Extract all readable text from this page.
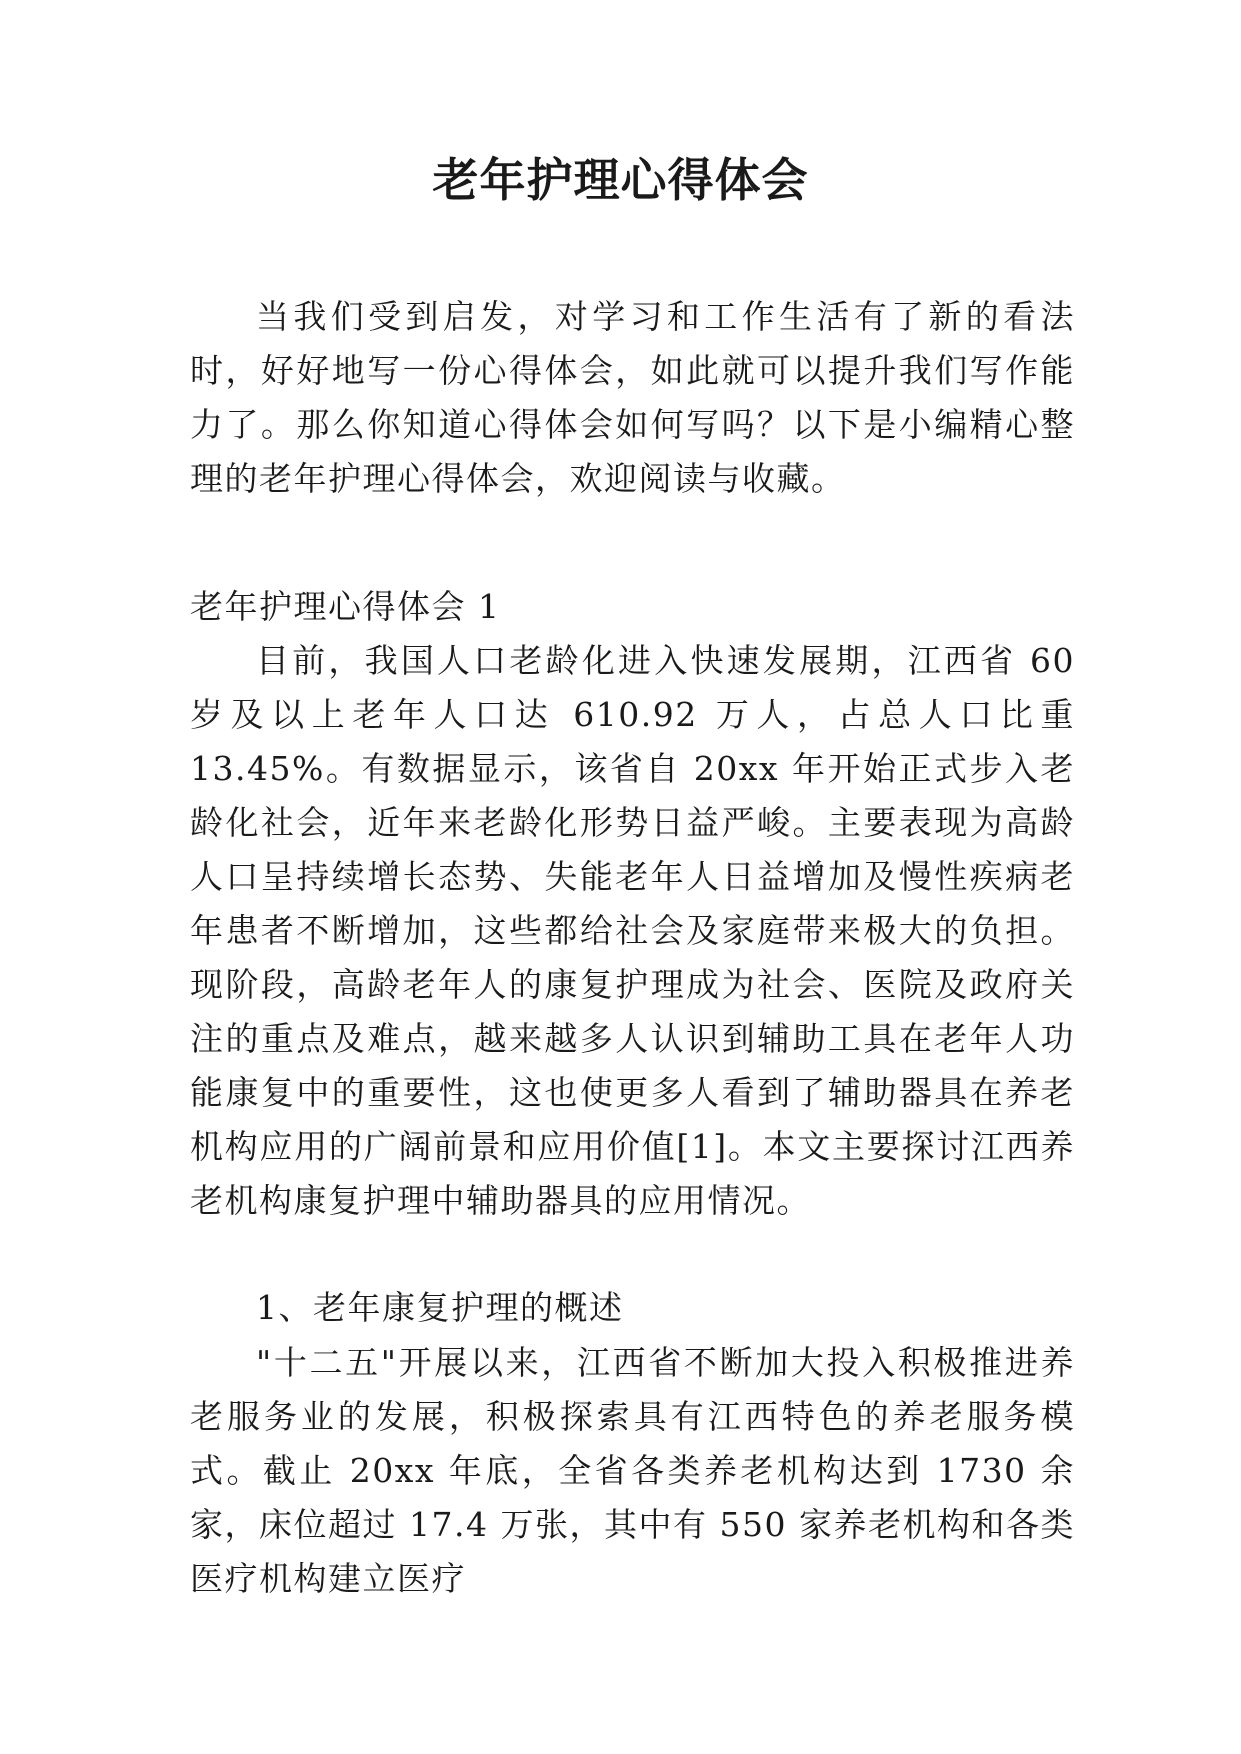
老年护理心得体会

当我们受到启发，对学习和工作生活有了新的看法时，好好地写一份心得体会，如此就可以提升我们写作能力了。那么你知道心得体会如何写吗？以下是小编精心整理的老年护理心得体会，欢迎阅读与收藏。

老年护理心得体会 1

目前，我国人口老龄化进入快速发展期，江西省 60 岁及以上老年人口达 610.92 万人，占总人口比重 13.45%。有数据显示，该省自 20xx 年开始正式步入老龄化社会，近年来老龄化形势日益严峻。主要表现为高龄人口呈持续增长态势、失能老年人日益增加及慢性疾病老年患者不断增加，这些都给社会及家庭带来极大的负担。现阶段，高龄老年人的康复护理成为社会、医院及政府关注的重点及难点，越来越多人认识到辅助工具在老年人功能康复中的重要性，这也使更多人看到了辅助器具在养老机构应用的广阔前景和应用价值[1]。本文主要探讨江西养老机构康复护理中辅助器具的应用情况。

1、老年康复护理的概述

"十二五"开展以来，江西省不断加大投入积极推进养老服务业的发展，积极探索具有江西特色的养老服务模式。截止 20xx 年底，全省各类养老机构达到 1730 余家，床位超过 17.4 万张，其中有 550 家养老机构和各类医疗机构建立医疗
